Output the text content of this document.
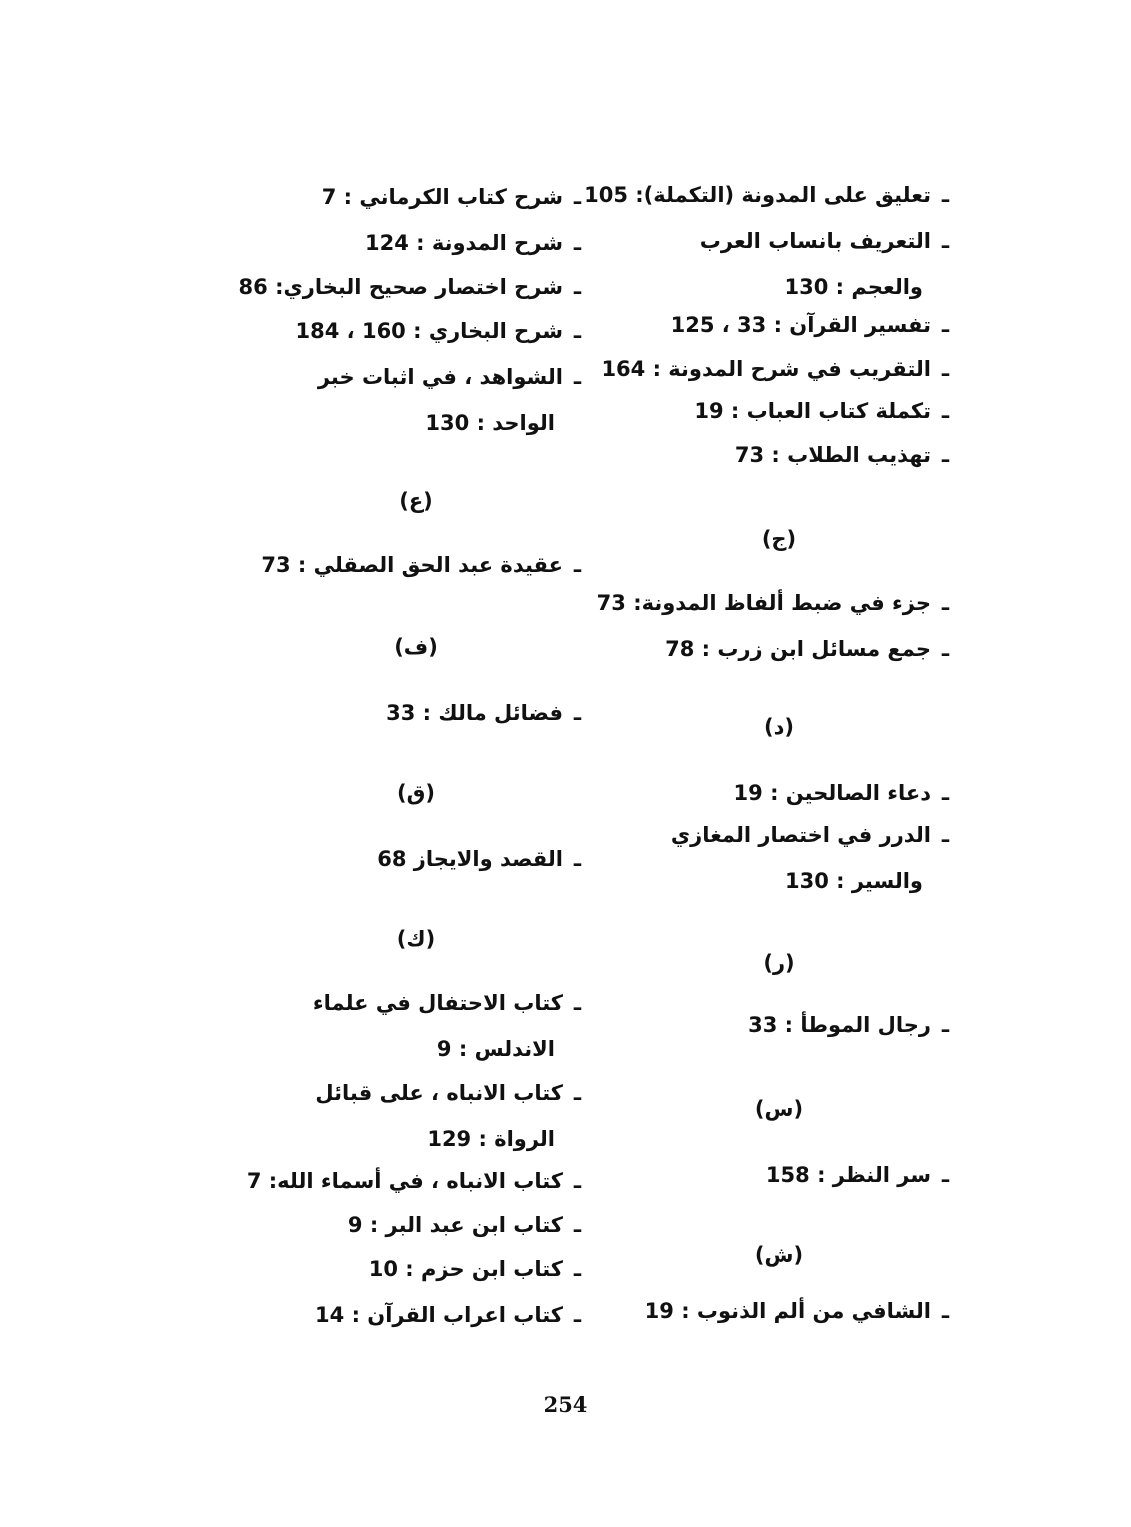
ـتعليق على المدونة (التكملة): 105
ـالتعريف بانساب العرب
والعجم : 130
ـتفسير القرآن : 33 ، 125
ـالتقريب في شرح المدونة : 164
ـتكملة كتاب العباب : 19
ـتهذيب الطلاب : 73
(ج)
ـجزء في ضبط ألفاظ المدونة: 73
ـجمع مسائل ابن زرب : 78
(د)
ـدعاء الصالحين : 19
ـالدرر في اختصار المغازي
والسير : 130
(ر)
ـرجال الموطأ : 33
(س)
ـسر النظر : 158
(ش)
ـالشافي من ألم الذنوب : 19
ـشرح كتاب الكرماني : 7
ـشرح المدونة : 124
ـشرح اختصار صحيح البخاري: 86
ـشرح البخاري : 160 ، 184
ـالشواهد ، في اثبات خبر
الواحد : 130
(ع)
ـعقيدة عبد الحق الصقلي : 73
(ف)
ـفضائل مالك : 33
(ق)
ـالقصد والايجاز 68
(ك)
ـكتاب الاحتفال في علماء
الاندلس : 9
ـكتاب الانباه ، على قبائل
الرواة : 129
ـكتاب الانباه ، في أسماء الله: 7
ـكتاب ابن عبد البر : 9
ـكتاب ابن حزم : 10
ـكتاب اعراب القرآن : 14
254
